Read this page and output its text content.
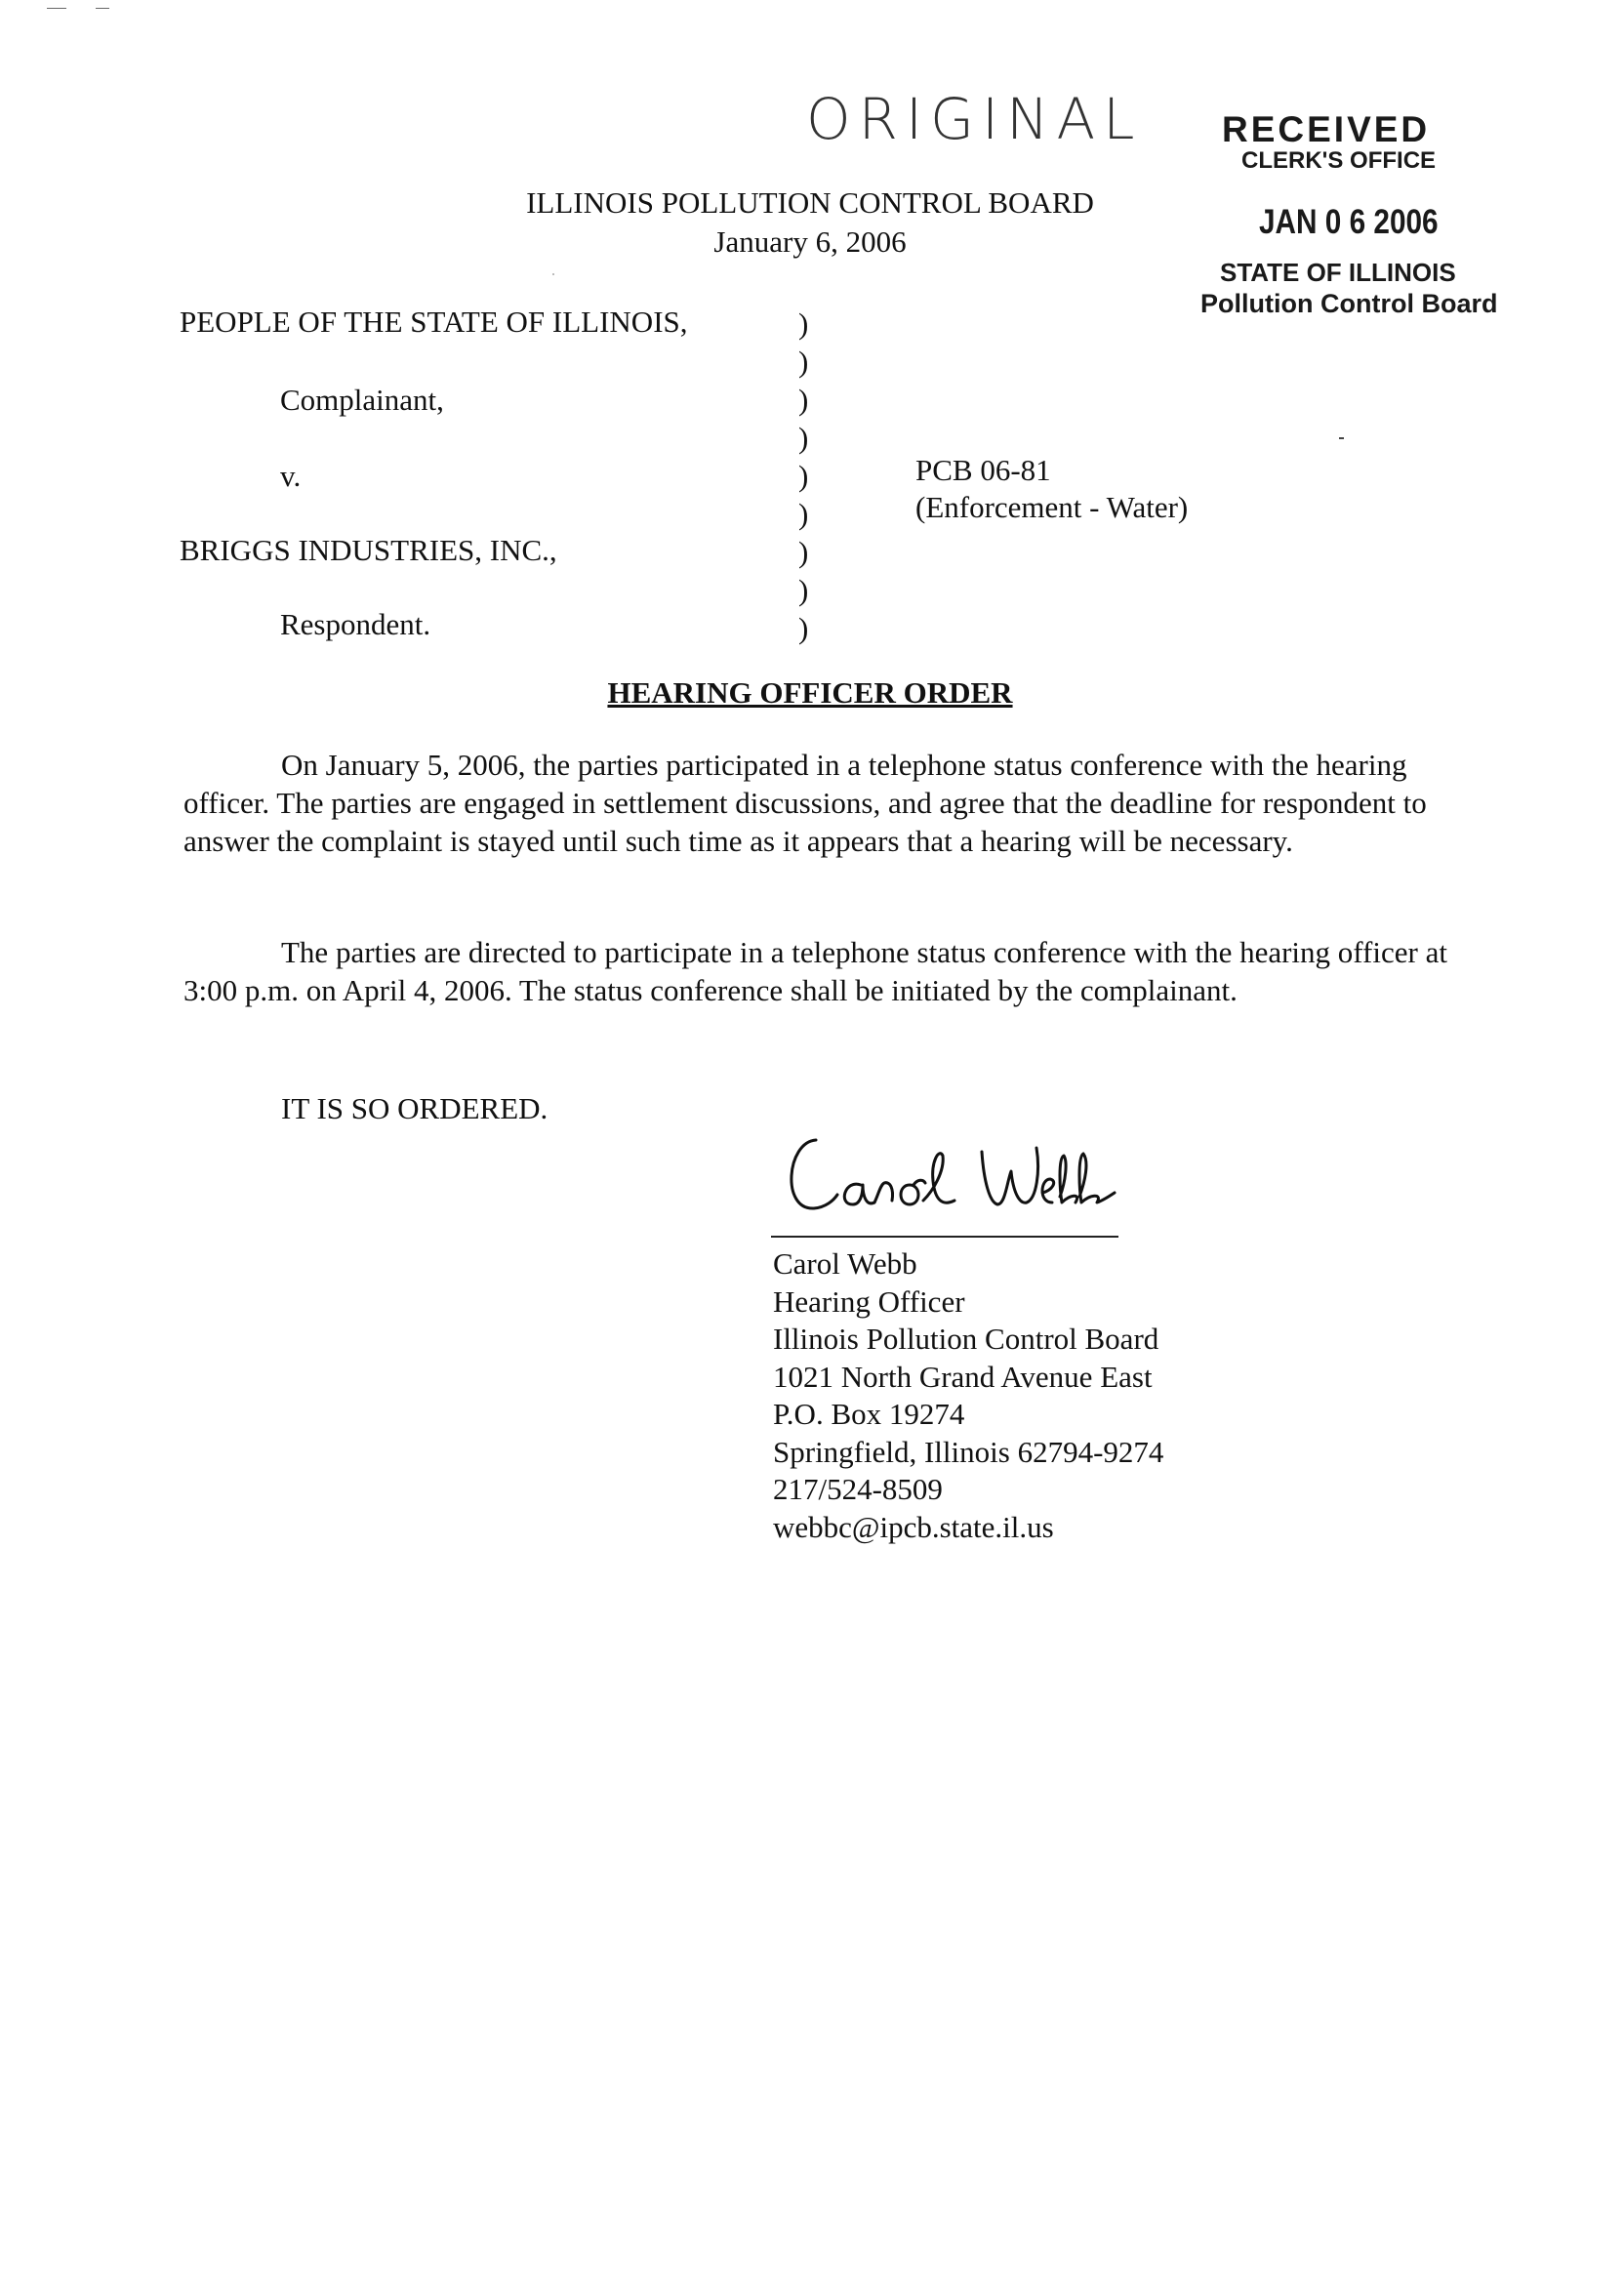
ORIGINAL RECEIVED
CLERK'S OFFICE
JAN 0 6 2006
STATE OF ILLINOIS
Pollution Control Board
ILLINOIS POLLUTION CONTROL BOARD
January 6, 2006
PEOPLE OF THE STATE OF ILLINOIS,
Complainant,
v.
BRIGGS INDUSTRIES, INC.,
Respondent.
)
)
)
)
)
)
)
)
)
PCB 06-81
(Enforcement - Water)
HEARING OFFICER ORDER
On January 5, 2006, the parties participated in a telephone status conference with the hearing officer. The parties are engaged in settlement discussions, and agree that the deadline for respondent to answer the complaint is stayed until such time as it appears that a hearing will be necessary.
The parties are directed to participate in a telephone status conference with the hearing officer at 3:00 p.m. on April 4, 2006. The status conference shall be initiated by the complainant.
IT IS SO ORDERED.
Carol Webb
Hearing Officer
Illinois Pollution Control Board
1021 North Grand Avenue East
P.O. Box 19274
Springfield, Illinois 62794-9274
217/524-8509
webbc@ipcb.state.il.us
